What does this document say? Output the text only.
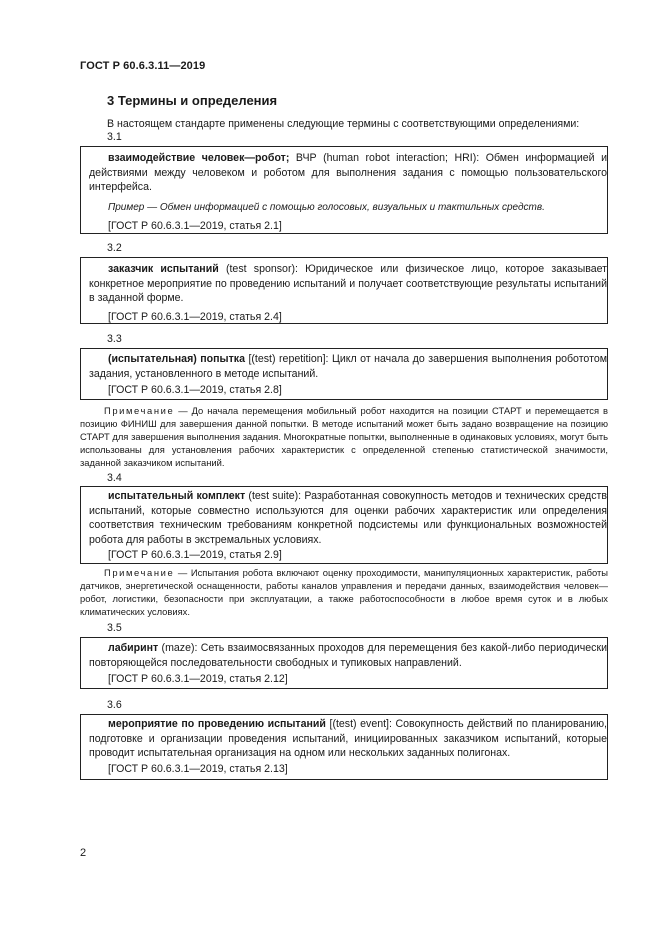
ГОСТ Р 60.6.3.11—2019
3 Термины и определения
В настоящем стандарте применены следующие термины с соответствующими определениями:
3.1

взаимодействие человек—робот; ВЧР (human robot interaction; HRI): Обмен информацией и действиями между человеком и роботом для выполнения задания с помощью пользовательского интерфейса.

Пример — Обмен информацией с помощью голосовых, визуальных и тактильных средств.

[ГОСТ Р 60.6.3.1—2019, статья 2.1]

3.2

заказчик испытаний (test sponsor): Юридическое или физическое лицо, которое заказывает конкретное мероприятие по проведению испытаний и получает соответствующие результаты испытаний в заданной форме.

[ГОСТ Р 60.6.3.1—2019, статья 2.4]

3.3

(испытательная) попытка [(test) repetition]: Цикл от начала до завершения выполнения робототом задания, установленного в методе испытаний.

[ГОСТ Р 60.6.3.1—2019, статья 2.8]

Примечание — До начала перемещения мобильный робот находится на позиции СТАРТ и перемещается в позицию ФИНИШ для завершения данной попытки. В методе испытаний может быть задано возвращение на позицию СТАРТ для завершения выполнения задания. Многократные попытки, выполненные в одинаковых условиях, могут быть использованы для установления рабочих характеристик с определенной степенью статистической значимости, заданной заказчиком испытаний.
3.4

испытательный комплект (test suite): Разработанная совокупность методов и технических средств испытаний, которые совместно используются для оценки рабочих характеристик или определения соответствия техническим требованиям конкретной подсистемы или функциональных возможностей робота для работы в экстремальных условиях.

[ГОСТ Р 60.6.3.1—2019, статья 2.9]

Примечание — Испытания робота включают оценку проходимости, манипуляционных характеристик, работы датчиков, энергетической оснащенности, работы каналов управления и передачи данных, взаимодействия человек—робот, логистики, безопасности при эксплуатации, а также работоспособности в любое время суток и в любых климатических условиях.
3.5

лабиринт (maze): Сеть взаимосвязанных проходов для перемещения без какой-либо периодически повторяющейся последовательности свободных и тупиковых направлений.

[ГОСТ Р 60.6.3.1—2019, статья 2.12]

3.6

мероприятие по проведению испытаний [(test) event]: Совокупность действий по планированию, подготовке и организации проведения испытаний, инициированных заказчиком испытаний, которые проводит испытательная организация на одном или нескольких заданных полигонах.

[ГОСТ Р 60.6.3.1—2019, статья 2.13]

2
